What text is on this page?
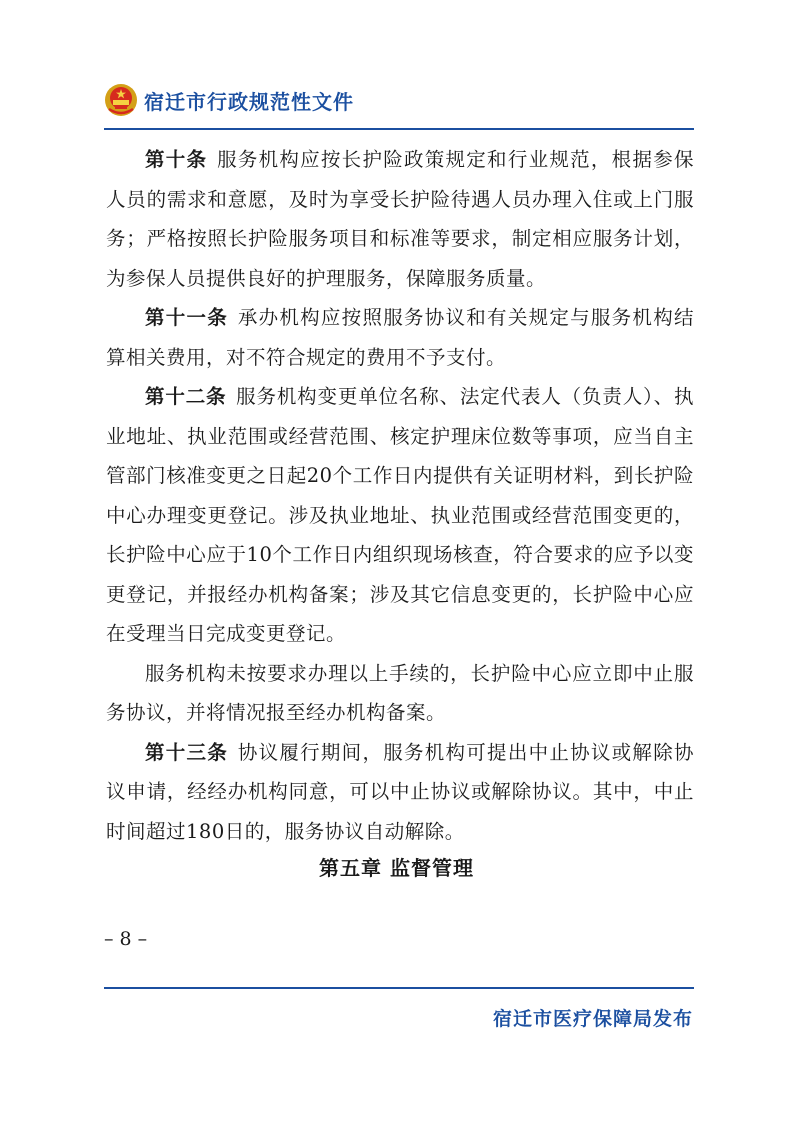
宿迁市行政规范性文件

第十条 服务机构应按长护险政策规定和行业规范，根据参保人员的需求和意愿，及时为享受长护险待遇人员办理入住或上门服务；严格按照长护险服务项目和标准等要求，制定相应服务计划，为参保人员提供良好的护理服务，保障服务质量。

第十一条 承办机构应按照服务协议和有关规定与服务机构结算相关费用，对不符合规定的费用不予支付。

第十二条 服务机构变更单位名称、法定代表人（负责人）、执业地址、执业范围或经营范围、核定护理床位数等事项，应当自主管部门核准变更之日起20个工作日内提供有关证明材料，到长护险中心办理变更登记。涉及执业地址、执业范围或经营范围变更的，长护险中心应于10个工作日内组织现场核查，符合要求的应予以变更登记，并报经办机构备案；涉及其它信息变更的，长护险中心应在受理当日完成变更登记。

服务机构未按要求办理以上手续的，长护险中心应立即中止服务协议，并将情况报至经办机构备案。

第十三条 协议履行期间，服务机构可提出中止协议或解除协议申请，经经办机构同意，可以中止协议或解除协议。其中，中止时间超过180日的，服务协议自动解除。

第五章 监督管理
– 8 –
宿迁市医疗保障局发布
